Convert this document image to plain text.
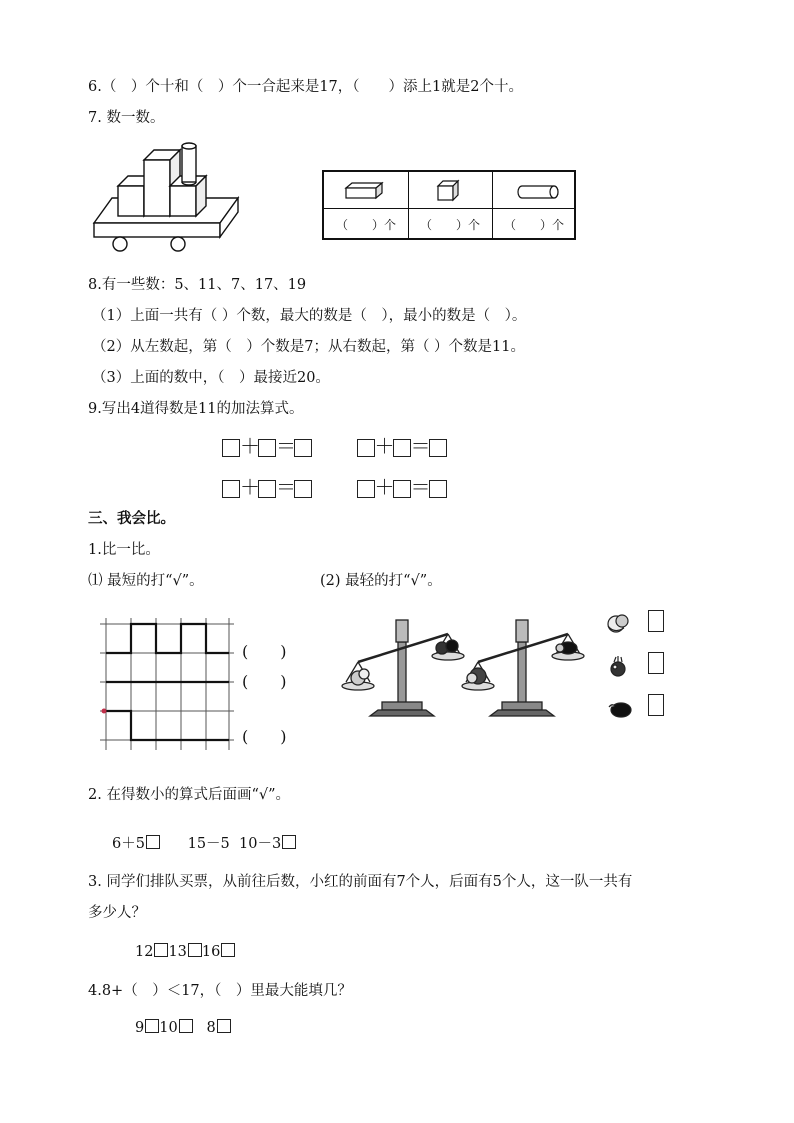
6.（　）个十和（　）个一合起来是17，（　　）添上1就是2个十。
7. 数一数。
（　　）个	（　　）个	（　　）个
8.有一些数：5、11、7、17、19
（1）上面一共有（ ）个数，最大的数是（　），最小的数是（　）。
（2）从左数起，第（　）个数是7；从右数起，第（ ）个数是11。
（3）上面的数中，（　）最接近20。
9.写出4道得数是11的加法算式。
＋ ＝	＋ ＝
＋ ＝	＋ ＝
三、我会比。
1.比一比。
⑴ 最短的打“√”。	(2) 最轻的打“√”。
(　　)
(　　)
(　　)
2. 在得数小的算式后面画“√”。
6＋5	15－5 10－3
3. 同学们排队买票，从前往后数，小红的前面有7个人，后面有5个人，这一队一共有
多少人？
12 13 16
4.8+（　）＜17，（　）里最大能填几？
9 10 8
